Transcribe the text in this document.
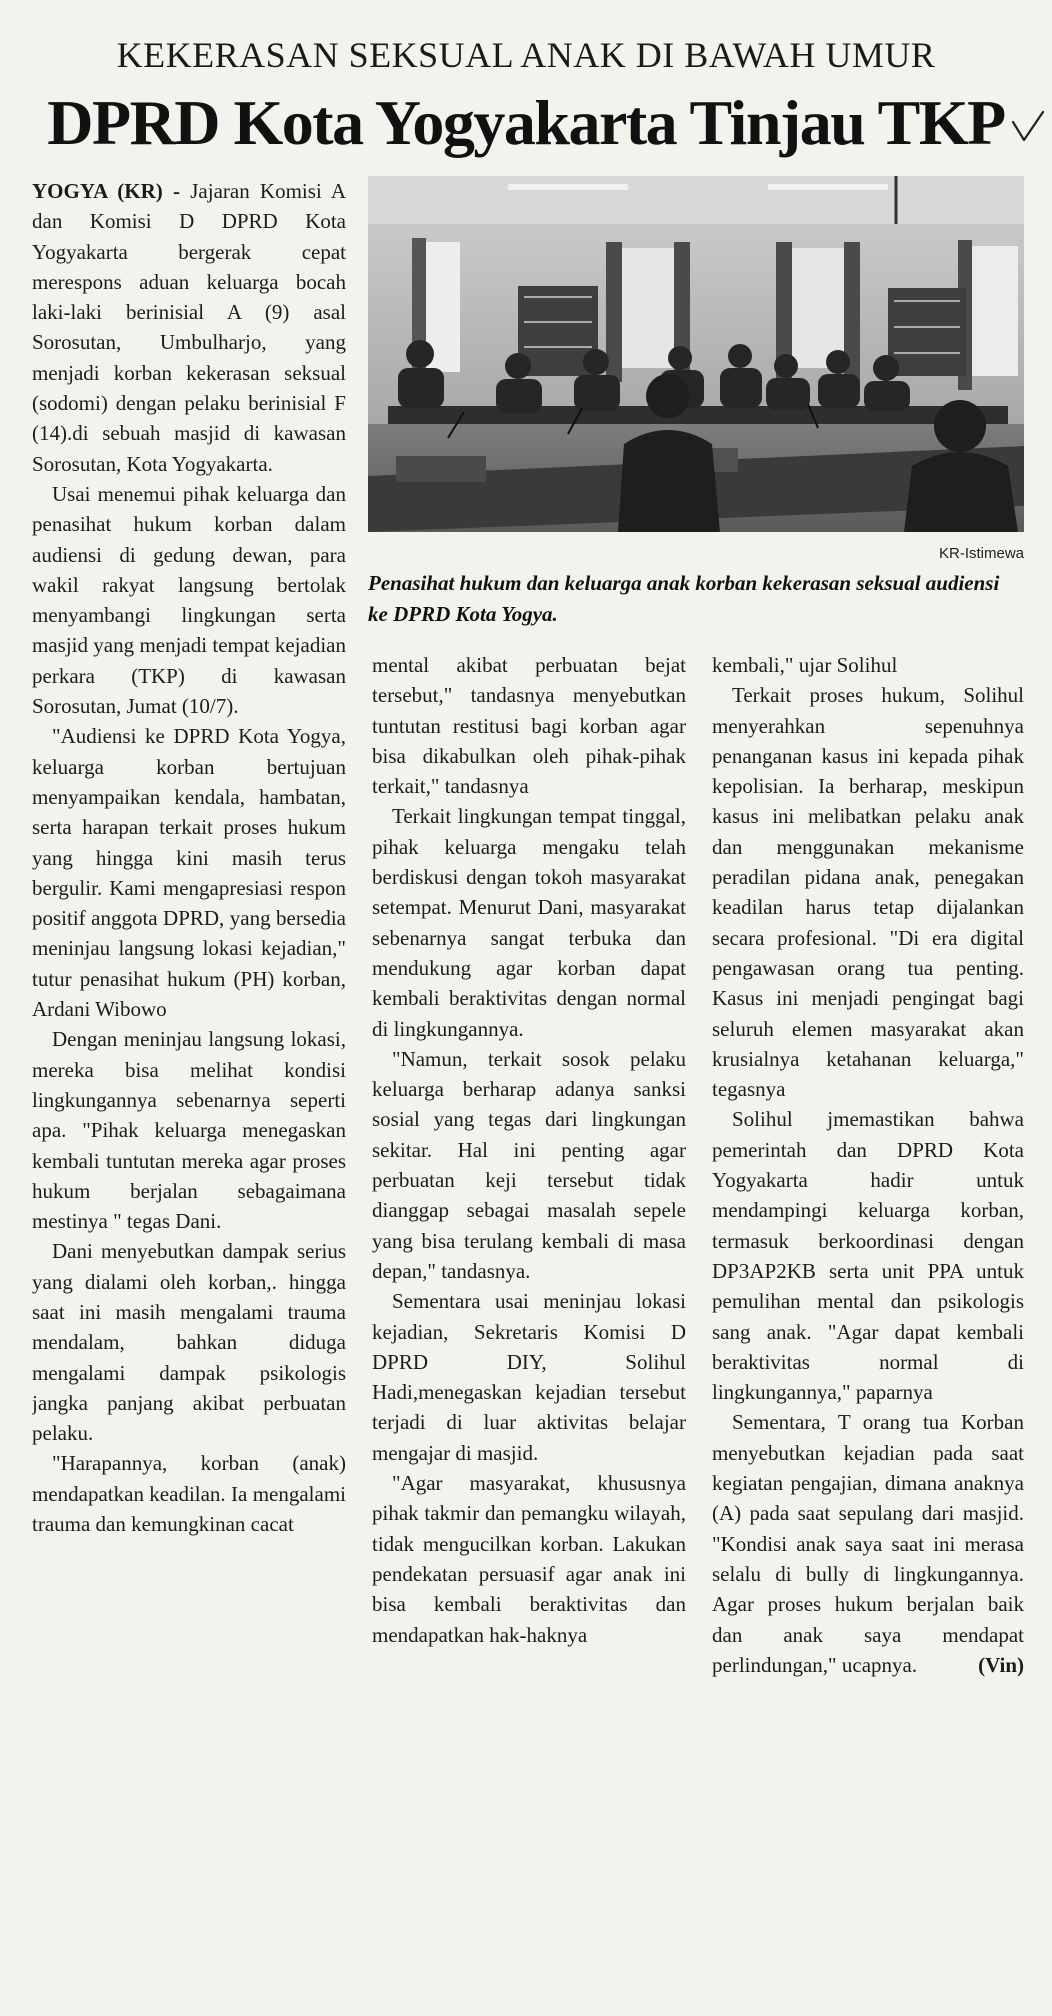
KEKERASAN SEKSUAL ANAK DI BAWAH UMUR
DPRD Kota Yogyakarta Tinjau TKP
KR-Istimewa
Penasihat hukum dan keluarga anak korban kekerasan seksual audiensi ke DPRD Kota Yogya.

YOGYA (KR) - Jajaran Komisi A dan Komisi D DPRD Kota Yogyakarta bergerak cepat merespons aduan keluarga bocah laki-laki berinisial A (9) asal Sorosutan, Umbulharjo, yang menjadi korban kekerasan seksual (sodomi) dengan pelaku berinisial F (14).di sebuah masjid di kawasan Sorosutan, Kota Yogyakarta.

Usai menemui pihak keluarga dan penasihat hukum korban dalam audiensi di gedung dewan, para wakil rakyat langsung bertolak menyambangi lingkungan serta masjid yang menjadi tempat kejadian perkara (TKP) di kawasan Sorosutan, Jumat (10/7).

"Audiensi ke DPRD Kota Yogya, keluarga korban bertujuan menyampaikan kendala, hambatan, serta harapan terkait proses hukum yang hingga kini masih terus bergulir. Kami mengapresiasi respon positif anggota DPRD, yang bersedia meninjau langsung lokasi kejadian," tutur penasihat hukum (PH) korban, Ardani Wibowo

Dengan meninjau langsung lokasi, mereka bisa melihat kondisi lingkungannya sebenarnya seperti apa. "Pihak keluarga menegaskan kembali tuntutan mereka agar proses hukum berjalan sebagaimana mestinya " tegas Dani.

Dani menyebutkan dampak serius yang dialami oleh korban,. hingga saat ini masih mengalami trauma mendalam, bahkan diduga mengalami dampak psikologis jangka panjang akibat perbuatan pelaku.

"Harapannya, korban (anak) mendapatkan keadilan. Ia mengalami trauma dan kemungkinan cacat

mental akibat perbuatan bejat tersebut," tandasnya menyebutkan tuntutan restitusi bagi korban agar bisa dikabulkan oleh pihak-pihak terkait," tandasnya

Terkait lingkungan tempat tinggal, pihak keluarga mengaku telah berdiskusi dengan tokoh masyarakat setempat. Menurut Dani, masyarakat sebenarnya sangat terbuka dan mendukung agar korban dapat kembali beraktivitas dengan normal di lingkungannya.

"Namun, terkait sosok pelaku keluarga berharap adanya sanksi sosial yang tegas dari lingkungan sekitar. Hal ini penting agar perbuatan keji tersebut tidak dianggap sebagai masalah sepele yang bisa terulang kembali di masa depan," tandasnya.

Sementara usai meninjau lokasi kejadian, Sekretaris Komisi D DPRD DIY, Solihul Hadi,menegaskan kejadian tersebut terjadi di luar aktivitas belajar mengajar di masjid.

"Agar masyarakat, khususnya pihak takmir dan pemangku wilayah, tidak mengucilkan korban. Lakukan pendekatan persuasif agar anak ini bisa kembali beraktivitas dan mendapatkan hak-haknya

kembali," ujar Solihul

Terkait proses hukum, Solihul menyerahkan sepenuhnya penanganan kasus ini kepada pihak kepolisian. Ia berharap, meskipun kasus ini melibatkan pelaku anak dan menggunakan mekanisme peradilan pidana anak, penegakan keadilan harus tetap dijalankan secara profesional. "Di era digital pengawasan orang tua penting. Kasus ini menjadi pengingat bagi seluruh elemen masyarakat akan krusialnya ketahanan keluarga," tegasnya

Solihul jmemastikan bahwa pemerintah dan DPRD Kota Yogyakarta hadir untuk mendampingi keluarga korban, termasuk berkoordinasi dengan DP3AP2KB serta unit PPA untuk pemulihan mental dan psikologis sang anak. "Agar dapat kembali beraktivitas normal di lingkungannya," paparnya

Sementara, T orang tua Korban menyebutkan kejadian pada saat kegiatan pengajian, dimana anaknya (A) pada saat sepulang dari masjid. "Kondisi anak saya saat ini merasa selalu di bully di lingkungannya. Agar proses hukum berjalan baik dan anak saya mendapat perlindungan," ucapnya.	(Vin)
